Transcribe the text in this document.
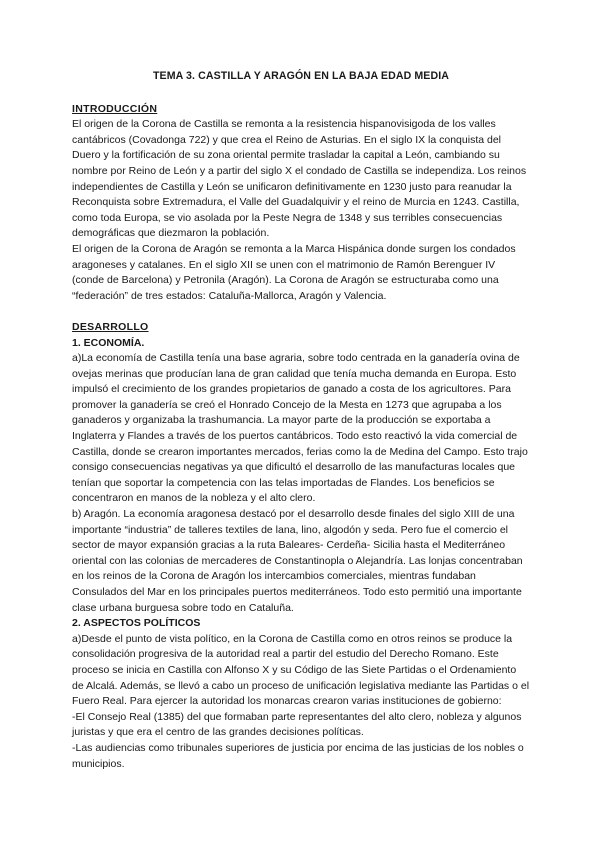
TEMA 3. CASTILLA Y ARAGÓN EN LA BAJA EDAD MEDIA

INTRODUCCIÓN

El origen de la Corona de Castilla se remonta a la resistencia hispanovisigoda de los valles cantábricos (Covadonga 722) y que crea el Reino de Asturias. En el siglo IX la conquista del Duero y la fortificación de su zona oriental permite trasladar la capital a León, cambiando su nombre por Reino de León y a partir del siglo X el condado de Castilla se independiza. Los reinos independientes de Castilla y León se unificaron definitivamente en 1230 justo para reanudar la Reconquista sobre Extremadura, el Valle del Guadalquivir y el reino de Murcia en 1243. Castilla, como toda Europa, se vio asolada por la Peste Negra de 1348 y sus terribles consecuencias demográficas que diezmaron la población.

El origen de la Corona de Aragón se remonta a la Marca Hispánica donde surgen los condados aragoneses y catalanes. En el siglo XII se unen con el matrimonio de Ramón Berenguer IV (conde de Barcelona) y Petronila (Aragón). La Corona de Aragón se estructuraba como una “federación” de tres estados: Cataluña-Mallorca, Aragón y Valencia.

DESARROLLO

1. ECONOMÍA.

a)La economía de Castilla tenía una base agraria, sobre todo centrada en la ganadería ovina de ovejas merinas que producían lana de gran calidad que tenía mucha demanda en Europa. Esto impulsó el crecimiento de los grandes propietarios de ganado a costa de los agricultores. Para promover la ganadería se creó el Honrado Concejo de la Mesta en 1273 que agrupaba a los ganaderos y organizaba la trashumancia. La mayor parte de la producción se exportaba a Inglaterra y Flandes a través de los puertos cantábricos. Todo esto reactivó la vida comercial de Castilla, donde se crearon importantes mercados, ferias como la de Medina del Campo. Esto trajo consigo consecuencias negativas ya que dificultó el desarrollo de las manufacturas locales que tenían que soportar la competencia con las telas importadas de Flandes. Los beneficios se concentraron en manos de la nobleza y el alto clero.

b) Aragón. La economía aragonesa destacó por el desarrollo desde finales del siglo XIII de una importante “industria” de talleres textiles de lana, lino, algodón y seda. Pero fue el comercio el sector de mayor expansión gracias a la ruta Baleares- Cerdeña- Sicilia hasta el Mediterráneo oriental con las colonias de mercaderes de Constantinopla o Alejandría. Las lonjas concentraban en los reinos de la Corona de Aragón los intercambios comerciales, mientras fundaban Consulados del Mar en los principales puertos mediterráneos. Todo esto permitió una importante clase urbana burguesa sobre todo en Cataluña.

2. ASPECTOS POLÍTICOS

a)Desde el punto de vista político, en la Corona de Castilla como en otros reinos se produce la consolidación progresiva de la autoridad real a partir del estudio del Derecho Romano. Este proceso se inicia en Castilla con Alfonso X y su Código de las Siete Partidas o el Ordenamiento de Alcalá. Además, se llevó a cabo un proceso de unificación legislativa mediante las Partidas o el Fuero Real. Para ejercer la autoridad los monarcas crearon varias instituciones de gobierno:

-El Consejo Real (1385) del que formaban parte representantes del alto clero, nobleza y algunos juristas y que era el centro de las grandes decisiones políticas.

-Las audiencias como tribunales superiores de justicia por encima de las justicias de los nobles o municipios.
